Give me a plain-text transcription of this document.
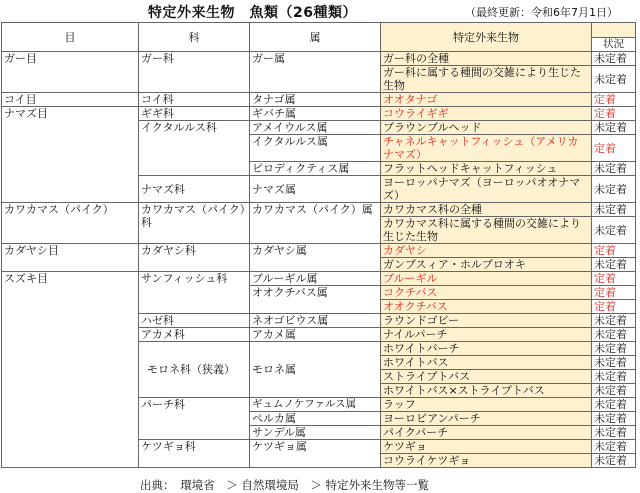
特定外来生物　魚類（26種類）	（最終更新：令和6年7月1日）
目	科	属	特定外来生物	
				状況
ガー目	ガー科	ガー属	ガー科の全種	未定着
			ガー科に属する種間の交雑により生じた生物	未定着
コイ目	コイ科	タナゴ属	オオタナゴ	定着
ナマズ目	ギギ科	ギバチ属	コウライギギ	定着
	イクタルルス科	アメイウルス属	ブラウンブルヘッド	未定着
		イクタルルス属	チャネルキャットフィッシュ（アメリカナマズ）	定着
		ピロディクティス属	フラットヘッドキャットフィッシュ	未定着
	ナマズ科	ナマズ属	ヨーロッパナマズ（ヨーロッパオオナマズ）	未定着
カワカマス（パイク）	カワカマス（パイク）科	カワカマス（パイク）属	カワカマス科の全種	未定着
			カワカマス科に属する種間の交雑により生じた生物	未定着
カダヤシ目	カダヤシ科	カダヤシ属	カダヤシ	定着
			ガンブスィア・ホルブロオキ	未定着
スズキ目	サンフィッシュ科	ブルーギル属	ブルーギル	定着
		オオクチバス属	コクチバス	定着
			オオクチバス	定着
	ハゼ科	ネオゴビウス属	ラウンドゴビー	未定着
	アカメ科	アカメ属	ナイルパーチ	未定着
	モロネ科（狭義）	モロネ属	ホワイトバーチ	未定着
			ホワイトバス	未定着
			ストライプトバス	未定着
			ホワイトバス×ストライプトバス	未定着
	パーチ科	ギュムノケファルス属	ラッフ	未定着
		ペルカ属	ヨーロピアンパーチ	未定着
		サンデル属	パイクパーチ	未定着
	ケツギョ科	ケツギョ属	ケツギョ	未定着
			コウライケツギョ	未定着
出典：　環境省　＞ 自然環境局　＞ 特定外来生物等一覧
